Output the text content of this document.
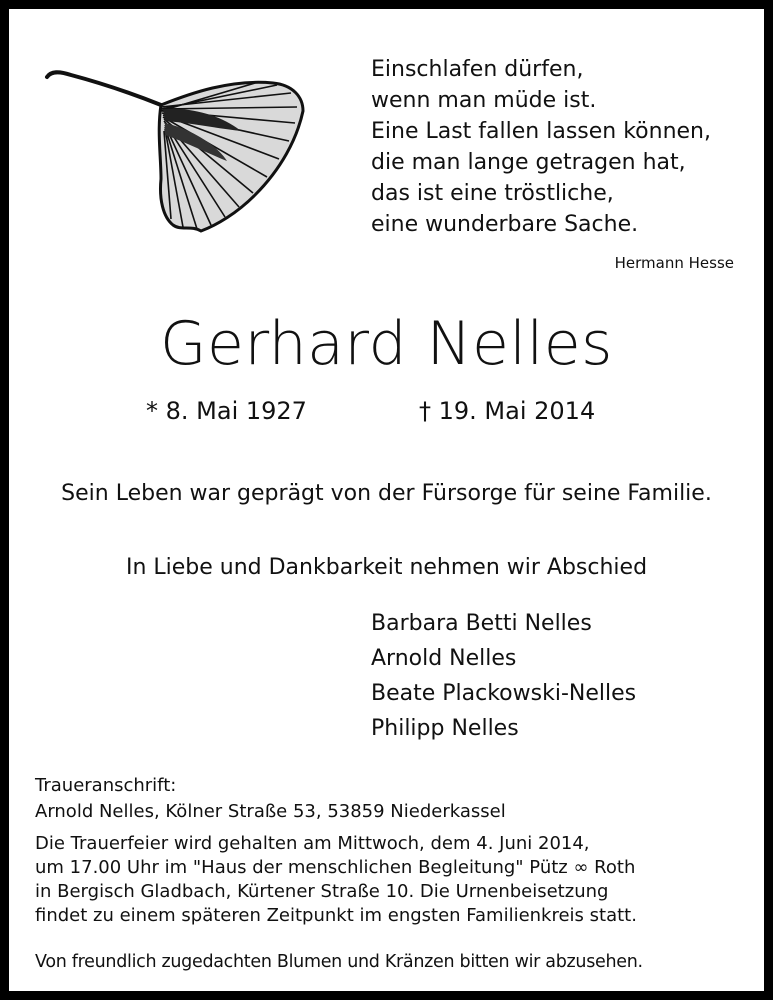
Einschlafen dürfen,
wenn man müde ist.
Eine Last fallen lassen können,
die man lange getragen hat,
das ist eine tröstliche,
eine wunderbare Sache.
Hermann Hesse
Gerhard Nelles
* 8. Mai 1927	† 19. Mai 2014
Sein Leben war geprägt von der Fürsorge für seine Familie.
In Liebe und Dankbarkeit nehmen wir Abschied
Barbara Betti Nelles
Arnold Nelles
Beate Plackowski-Nelles
Philipp Nelles
Traueranschrift:
Arnold Nelles, Kölner Straße 53, 53859 Niederkassel
Die Trauerfeier wird gehalten am Mittwoch, dem 4. Juni 2014,
um 17.00 Uhr im "Haus der menschlichen Begleitung" Pütz ∞ Roth
in Bergisch Gladbach, Kürtener Straße 10. Die Urnenbeisetzung
findet zu einem späteren Zeitpunkt im engsten Familienkreis statt.
Von freundlich zugedachten Blumen und Kränzen bitten wir abzusehen.
